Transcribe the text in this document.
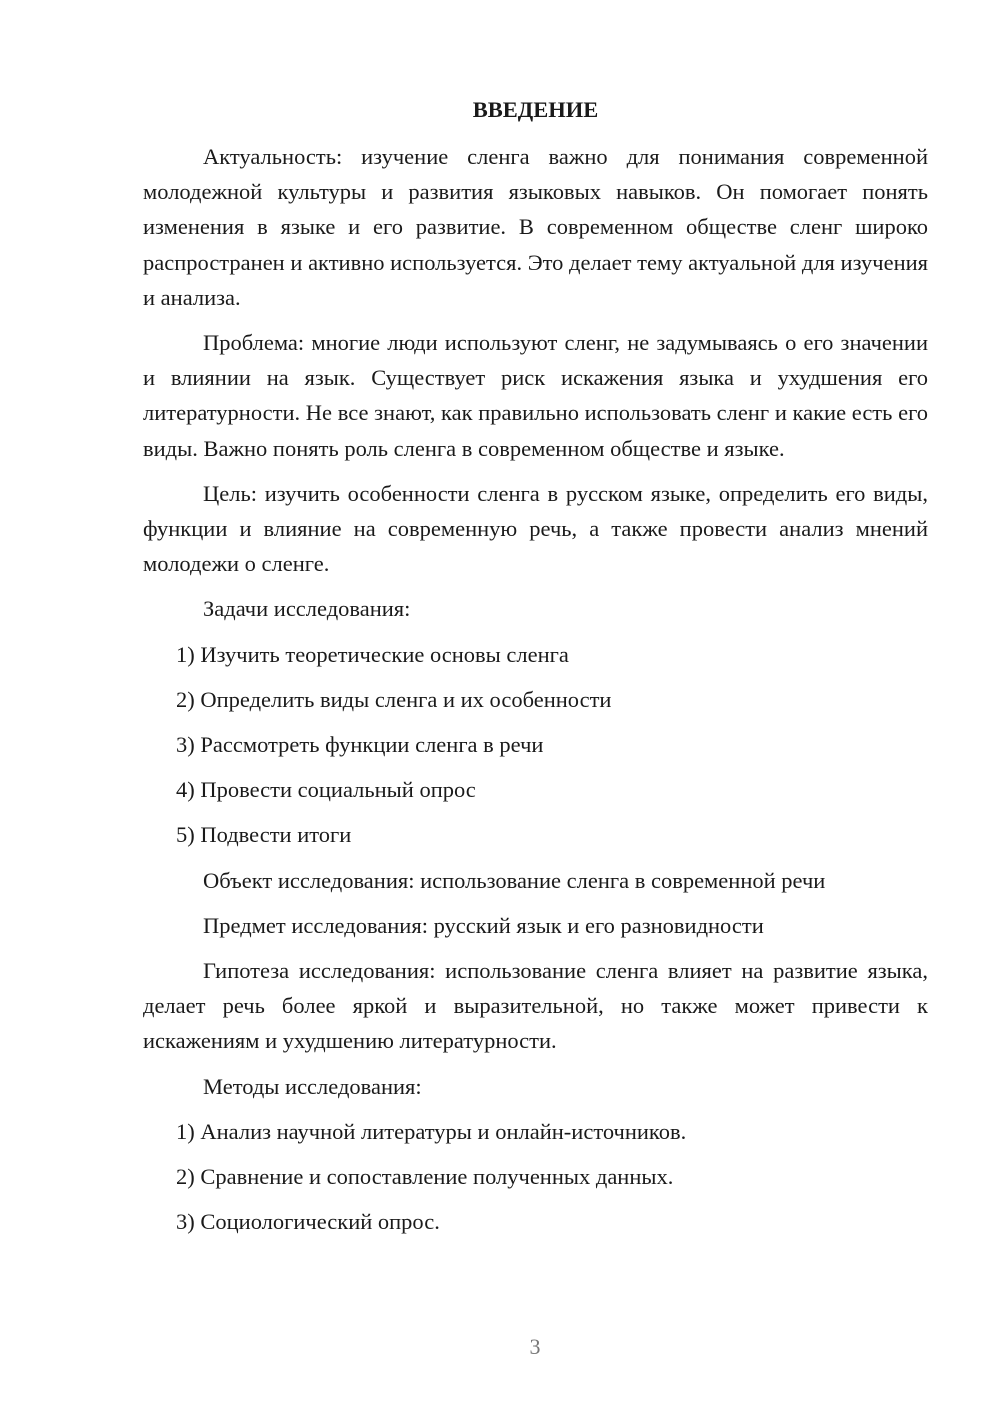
ВВЕДЕНИЕ

Актуальность: изучение сленга важно для понимания современной молодежной культуры и развития языковых навыков. Он помогает понять изменения в языке и его развитие. В современном обществе сленг широко распространен и активно используется. Это делает тему актуальной для изучения и анализа.

Проблема: многие люди используют сленг, не задумываясь о его значении и влиянии на язык. Существует риск искажения языка и ухудшения его литературности. Не все знают, как правильно использовать сленг и какие есть его виды. Важно понять роль сленга в современном обществе и языке.

Цель: изучить особенности сленга в русском языке, определить его виды, функции и влияние на современную речь, а также провести анализ мнений молодежи о сленге.

Задачи исследования:
1) Изучить теоретические основы сленга
2) Определить виды сленга и их особенности
3) Рассмотреть функции сленга в речи
4) Провести социальный опрос
5) Подвести итоги
Объект исследования: использование сленга в современной речи
Предмет исследования: русский язык и его разновидности

Гипотеза исследования: использование сленга влияет на развитие языка, делает речь более яркой и выразительной, но также может привести к искажениям и ухудшению литературности.

Методы исследования:
1) Анализ научной литературы и онлайн-источников.
2) Сравнение и сопоставление полученных данных.
3) Социологический опрос.
3
